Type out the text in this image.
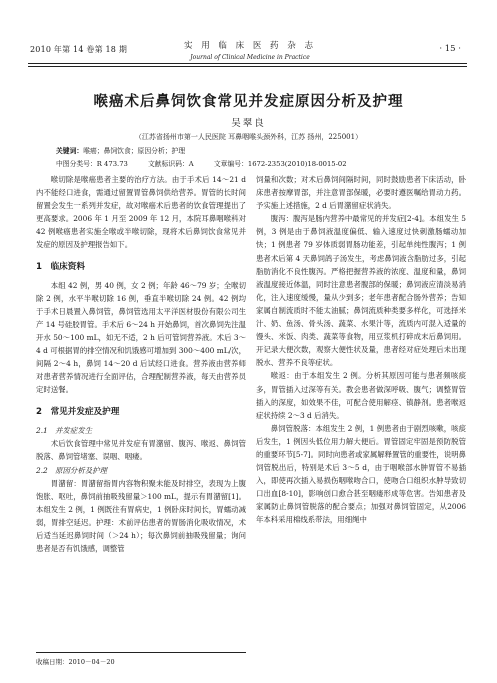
2010 年第 14 卷第 18 期	实 用 临 床 医 药 杂 志
Journal of Clinical Medicine in Practice
· 15 ·
喉癌术后鼻饲饮食常见并发症原因分析及护理
吴翠良
（江苏省扬州市第一人民医院 耳鼻咽喉头颈外科，江苏 扬州，225001）
关键词：喉癌；鼻饲饮食；原因分析；护理
中图分类号：R 473.73	文献标识码：A	文章编号：1672-2353(2010)18-0015-02

喉切除是喉癌患者主要的治疗方法。由于手术后 14～21 d 内不能经口进食，需通过留置胃管鼻饲供给营养。胃管的长时间留置会发生一系列并发症，故对喉癌术后患者的饮食管理提出了更高要求。2006 年 1 月至 2009 年 12 月，本院耳鼻咽喉科对 42 例喉癌患者实施全喉或半喉切除，现将术后鼻饲饮食常见并发症的原因及护理报告如下。

1　临床资料

本组 42 例，男 40 例，女 2 例；年龄 46～79 岁；全喉切除 2 例，水平半喉切除 16 例，垂直半喉切除 24 例。42 例均于手术日晨置入鼻饲管，鼻饲管选用太平洋医材股份有限公司生产 14 号硅胶胃管。手术后 6～24 h 开始鼻饲，首次鼻饲先注温开水 50～100 mL，如无不适，2 h 后可管饲营养液。术后 3～4 d 可根据胃的排空情况和饥饿感可增加到 300～400 mL/次，间隔 2～4 h，鼻饲 14～20 d 后试经口进食。营养液由营养师对患者营养情况进行全面评估，合理配制营养液，每天由营养员定时送餐。

2　常见并发症及护理
2.1　并发症发生

术后饮食管理中常见并发症有胃潴留、腹泻、喉返、鼻饲管脱落、鼻饲管堵塞、误咽、咽痿。

2.2　原因分析及护理

胃潴留：胃潴留指胃内容物积聚未能及时排空，表现为上腹饱胀、呕吐，鼻饲前抽吸残留量＞100 mL，提示有胃潴留[1]。本组发生 2 例，1 例既往有胃病史，1 例卧床时间长，胃蠕动减弱，胃排空延迟。护理：术前评估患者的胃肠消化吸收情况，术后适当延迟鼻饲时间（＞24 h）；每次鼻饲前抽吸残留量；询问患者是否有饥饿感，调整管

饲量和次数；对术后鼻饲间隔时间，同时鼓励患者下床活动，卧床患者按摩胃部，并注意胃部保暖，必要时遵医嘱给胃动力药。予实施上述措施，2 d 后胃潴留症状消失。

腹泻：腹泻是肠内营养中最常见的并发症[2-4]。本组发生 5 例，3 例是由于鼻饲液温度偏低、输入速度过快刺激肠蠕动加快；1 例患者 79 岁体质弱胃肠功能差，引起单纯性腹泻；1 例患者术后第 4 天鼻饲鸽子汤发生，考虑鼻饲液含脂肪过多，引起脂肪消化不良性腹泻。严格把握营养液的浓度、温度和量，鼻饲液温度接近体温，同时注意患者腹部的保暖；鼻饲液应清淡易消化，注入速度缓慢，量从少到多；老年患者配合肠外营养；告知家属自制流质时不能太油腻；鼻饲流质种类要多样化，可选择米汁、奶、鱼汤、骨头汤、蔬菜、水果汁等，流质内可混入适量的馒头、米饭、肉类、蔬菜等食物，用豆浆机打碎成末后鼻饲用。开记录大便次数，观察大便性状及量，患者经对症处理后未出现脱水、营养不良等症状。

喉返：由于本组发生 2 例。分析其原因可能与患者频咳痰多，胃管插入过深等有关。教会患者做深呼吸、腹气；调整胃管插入的深度，如效果不佳，可配合使用解痉、镇静剂。患者喉返症状持续 2～3 d 后消失。

鼻饲管脱落：本组发生 2 例，1 例患者由于剧烈咳嗽，咳痰后发生，1 例因头低位用力解大便后。胃管固定牢固是预防脱管的重要环节[5-7]。同时向患者或家属解释置管的重要性，说明鼻饲管脱出后，特别是术后 3～5 d，由于咽喉部水肿胃管不易插入，即使再次插入易损伤咽喉吻合口，使吻合口组织水肿导致切口出血[8-10]，影响创口愈合甚至咽瘘形成等危害。告知患者及家属防止鼻饲管脱落的配合要点；加强对鼻饲管固定，从2006年本科采用棉线系带法，用细绳中

收稿日期：2010－04－20
